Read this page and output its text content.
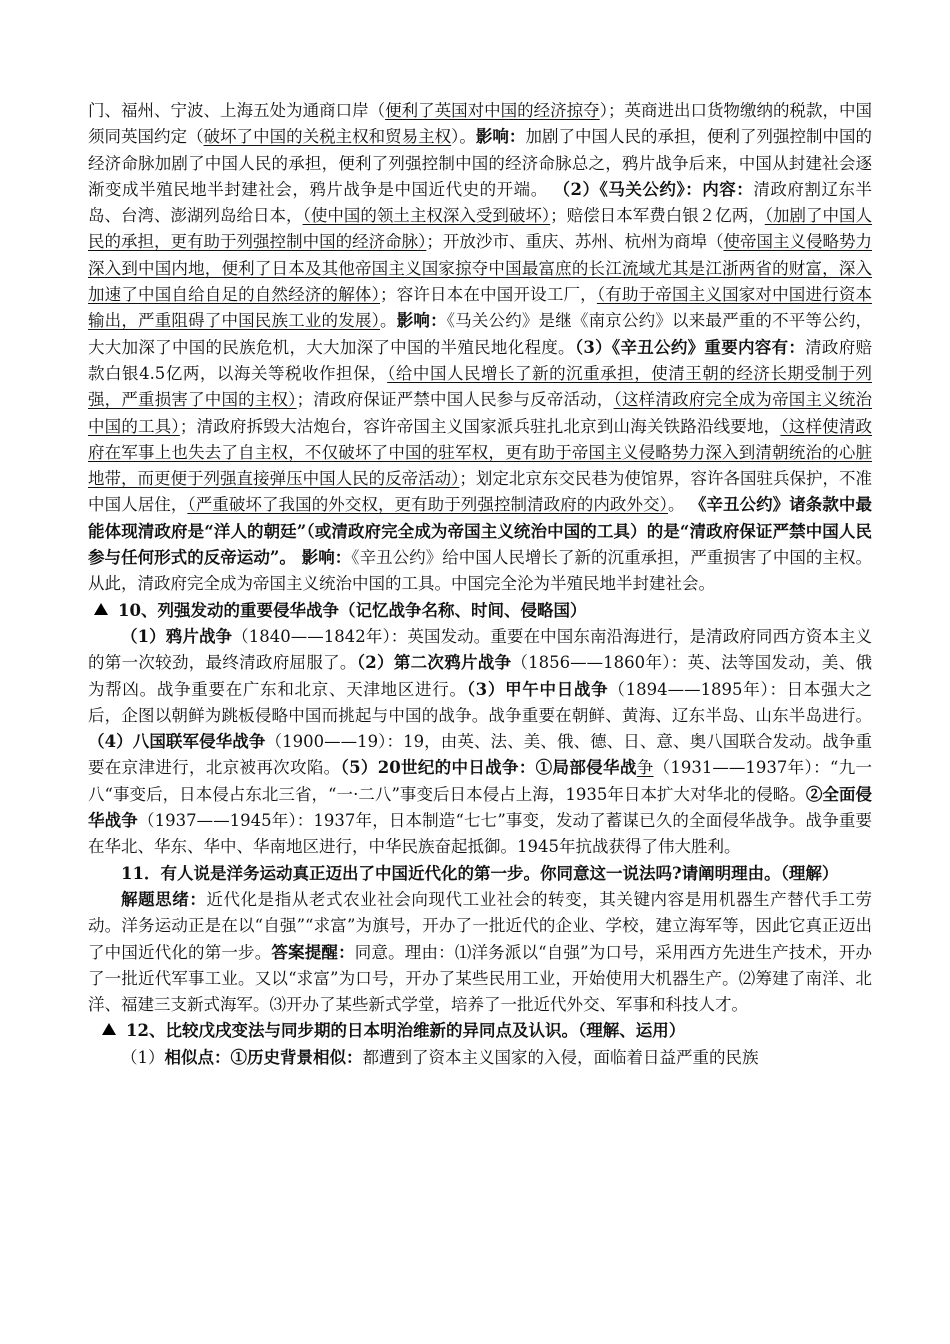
门、福州、宁波、上海五处为通商口岸（便利了英国对中国的经济掠夺）；英商进出口货物缴纳的税款，中国须同英国约定（破坏了中国的关税主权和贸易主权）。影响：加剧了中国人民的承担，便利了列强控制中国的经济命脉加剧了中国人民的承担，便利了列强控制中国的经济命脉总之，鸦片战争后来，中国从封建社会逐渐变成半殖民地半封建社会，鸦片战争是中国近代史的开端。 （2）《马关公约》：内容：清政府割辽东半岛、台湾、澎湖列岛给日本，（使中国的领土主权深入受到破坏）；赔偿日本军费白银２亿两，（加剧了中国人民的承担，更有助于列强控制中国的经济命脉）；开放沙市、重庆、苏州、杭州为商埠（使帝国主义侵略势力深入到中国内地，便利了日本及其他帝国主义国家掠夺中国最富庶的长江流域尤其是江浙两省的财富，深入加速了中国自给自足的自然经济的解体）；容许日本在中国开设工厂，（有助于帝国主义国家对中国进行资本输出，严重阻碍了中国民族工业的发展）。影响：《马关公约》是继《南京公约》以来最严重的不平等公约，大大加深了中国的民族危机，大大加深了中国的半殖民地化程度。（3）《辛丑公约》重要内容有：清政府赔款白银4.5亿两，以海关等税收作担保，（给中国人民增长了新的沉重承担，使清王朝的经济长期受制于列强，严重损害了中国的主权）；清政府保证严禁中国人民参与反帝活动，（这样清政府完全成为帝国主义统治中国的工具）；清政府拆毁大沽炮台，容许帝国主义国家派兵驻扎北京到山海关铁路沿线要地，（这样使清政府在军事上也失去了自主权，不仅破坏了中国的驻军权，更有助于帝国主义侵略势力深入到清朝统治的心脏地带，而更便于列强直接弹压中国人民的反帝活动）；划定北京东交民巷为使馆界，容许各国驻兵保护，不准中国人居住，（严重破坏了我国的外交权，更有助于列强控制清政府的内政外交）。 《辛丑公约》诸条款中最能体现清政府是“洋人的朝廷”（或清政府完全成为帝国主义统治中国的工具）的是“清政府保证严禁中国人民参与任何形式的反帝运动”。 影响：《辛丑公约》给中国人民增长了新的沉重承担，严重损害了中国的主权。从此，清政府完全成为帝国主义统治中国的工具。中国完全沦为半殖民地半封建社会。

10、列强发动的重要侵华战争（记忆战争名称、时间、侵略国）

（1）鸦片战争（1840——1842年）：英国发动。重要在中国东南沿海进行，是清政府同西方资本主义的第一次较劲，最终清政府屈服了。（2）第二次鸦片战争（1856——1860年）：英、法等国发动，美、俄为帮凶。战争重要在广东和北京、天津地区进行。（3）甲午中日战争（1894——1895年）：日本强大之后，企图以朝鲜为跳板侵略中国而挑起与中国的战争。战争重要在朝鲜、黄海、辽东半岛、山东半岛进行。（4）八国联军侵华战争（1900——19）：19，由英、法、美、俄、德、日、意、奥八国联合发动。战争重要在京津进行，北京被再次攻陷。（5）20世纪的中日战争：①局部侵华战争（1931——1937年）：“九一八“事变后，日本侵占东北三省，“一·二八”事变后日本侵占上海，1935年日本扩大对华北的侵略。②全面侵华战争（1937——1945年）：1937年，日本制造“七七”事变，发动了蓄谋已久的全面侵华战争。战争重要在华北、华东、华中、华南地区进行，中华民族奋起抵御。1945年抗战获得了伟大胜利。

11．有人说是洋务运动真正迈出了中国近代化的第一步。你同意这一说法吗?请阐明理由。（理解）

解题思绪：近代化是指从老式农业社会向现代工业社会的转变，其关键内容是用机器生产替代手工劳动。洋务运动正是在以“自强”“求富”为旗号，开办了一批近代的企业、学校，建立海军等，因此它真正迈出了中国近代化的第一步。答案提醒：同意。理由：⑴洋务派以“自强”为口号，采用西方先进生产技术，开办了一批近代军事工业。又以“求富”为口号，开办了某些民用工业，开始使用大机器生产。⑵筹建了南洋、北洋、福建三支新式海军。⑶开办了某些新式学堂，培养了一批近代外交、军事和科技人才。

12、比较戊戌变法与同步期的日本明治维新的异同点及认识。（理解、运用）

（1）相似点：①历史背景相似：都遭到了资本主义国家的入侵，面临着日益严重的民族
